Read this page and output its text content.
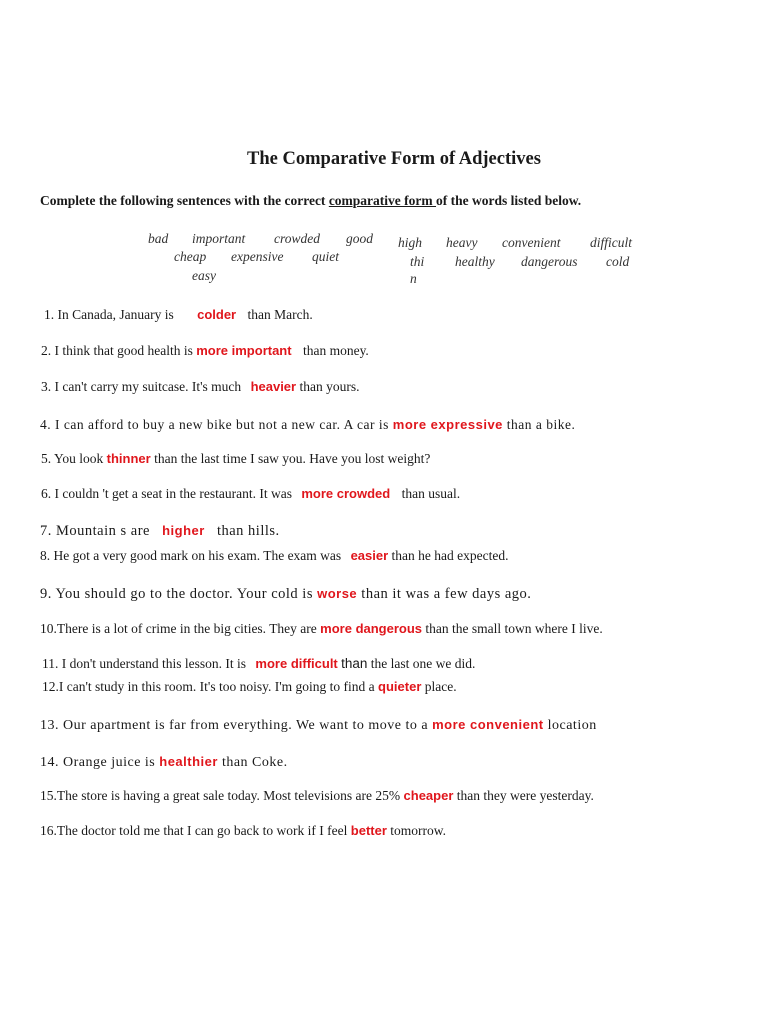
The Comparative Form of Adjectives
Complete the following sentences with the correct comparative form of the words listed below.
bad important crowded good
cheap expensive quiet
easy
high heavy convenient difficult
thi healthy dangerous cold
n
1. In Canada, January is colder than March.
2. I think that good health is more important than money.
3. I can't carry my suitcase. It's much heavier than yours.
4. I can afford to buy a new bike but not a new car. A car is more expressive than a bike.
5. You look thinner than the last time I saw you. Have you lost weight?
6. I couldn 't get a seat in the restaurant. It was more crowded than usual.
7. Mountain s are higher than hills.
8. He got a very good mark on his exam. The exam was easier than he had expected.
9. You should go to the doctor. Your cold is worse than it was a few days ago.
10.There is a lot of crime in the big cities. They are more dangerous than the small town where I live.
11. I don't understand this lesson. It is more difficult than the last one we did.
12.I can't study in this room. It's too noisy. I'm going to find a quieter place.
13. Our apartment is far from everything. We want to move to a more convenient location
14. Orange juice is healthier than Coke.
15.The store is having a great sale today. Most televisions are 25% cheaper than they were yesterday.
16.The doctor told me that I can go back to work if I feel better tomorrow.
